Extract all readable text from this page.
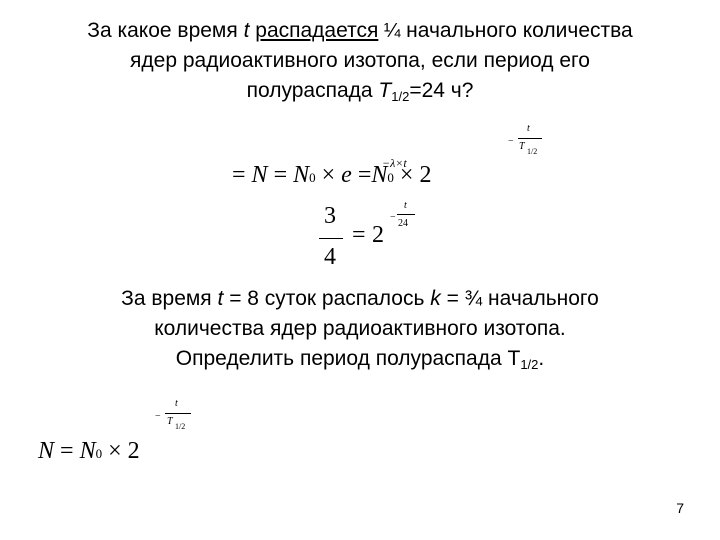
За какое время t распадается ¼ начального количества
ядер радиоактивного изотопа, если период его
полураспада $T_{1/2}=24$ ч?
= N = N0 × e =N0 × 2
−λ×t
−
t
T 1/2
3
4
= 2
−
t
24
За время t = 8 суток распалось k = ¾ начального
количества ядер радиоактивного изотопа.
Определить период полураспада $Т_{1/2}$.
N = N0 × 2
−
t
T 1/2
7
